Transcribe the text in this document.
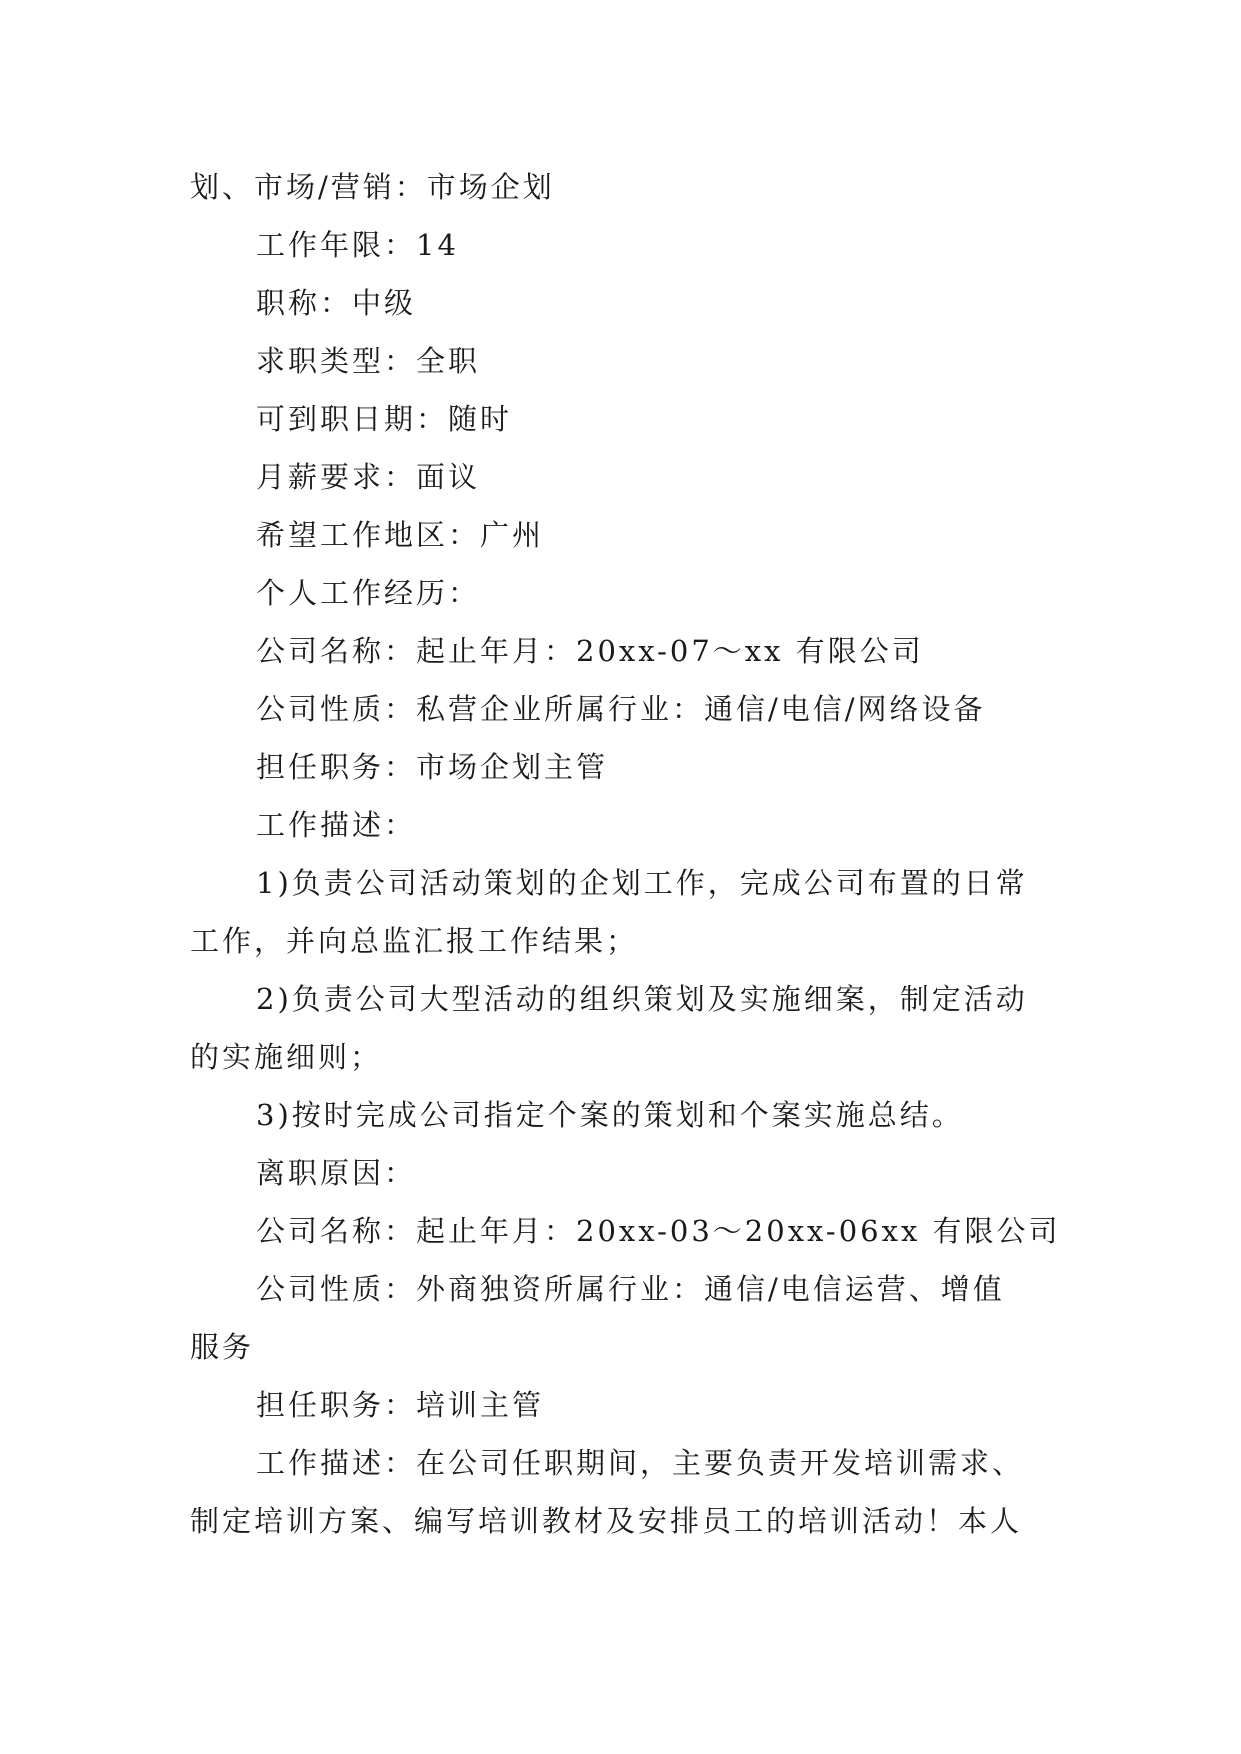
划、市场/营销：市场企划

工作年限：14

职称：中级

求职类型：全职

可到职日期：随时

月薪要求：面议

希望工作地区：广州

个人工作经历：

公司名称：起止年月：20xx-07～xx 有限公司

公司性质：私营企业所属行业：通信/电信/网络设备

担任职务：市场企划主管

工作描述：

1)负责公司活动策划的企划工作，完成公司布置的日常

工作，并向总监汇报工作结果；

2)负责公司大型活动的组织策划及实施细案，制定活动

的实施细则；

3)按时完成公司指定个案的策划和个案实施总结。

离职原因：

公司名称：起止年月：20xx-03～20xx-06xx 有限公司

公司性质：外商独资所属行业：通信/电信运营、增值

服务

担任职务：培训主管

工作描述：在公司任职期间，主要负责开发培训需求、

制定培训方案、编写培训教材及安排员工的培训活动！本人
